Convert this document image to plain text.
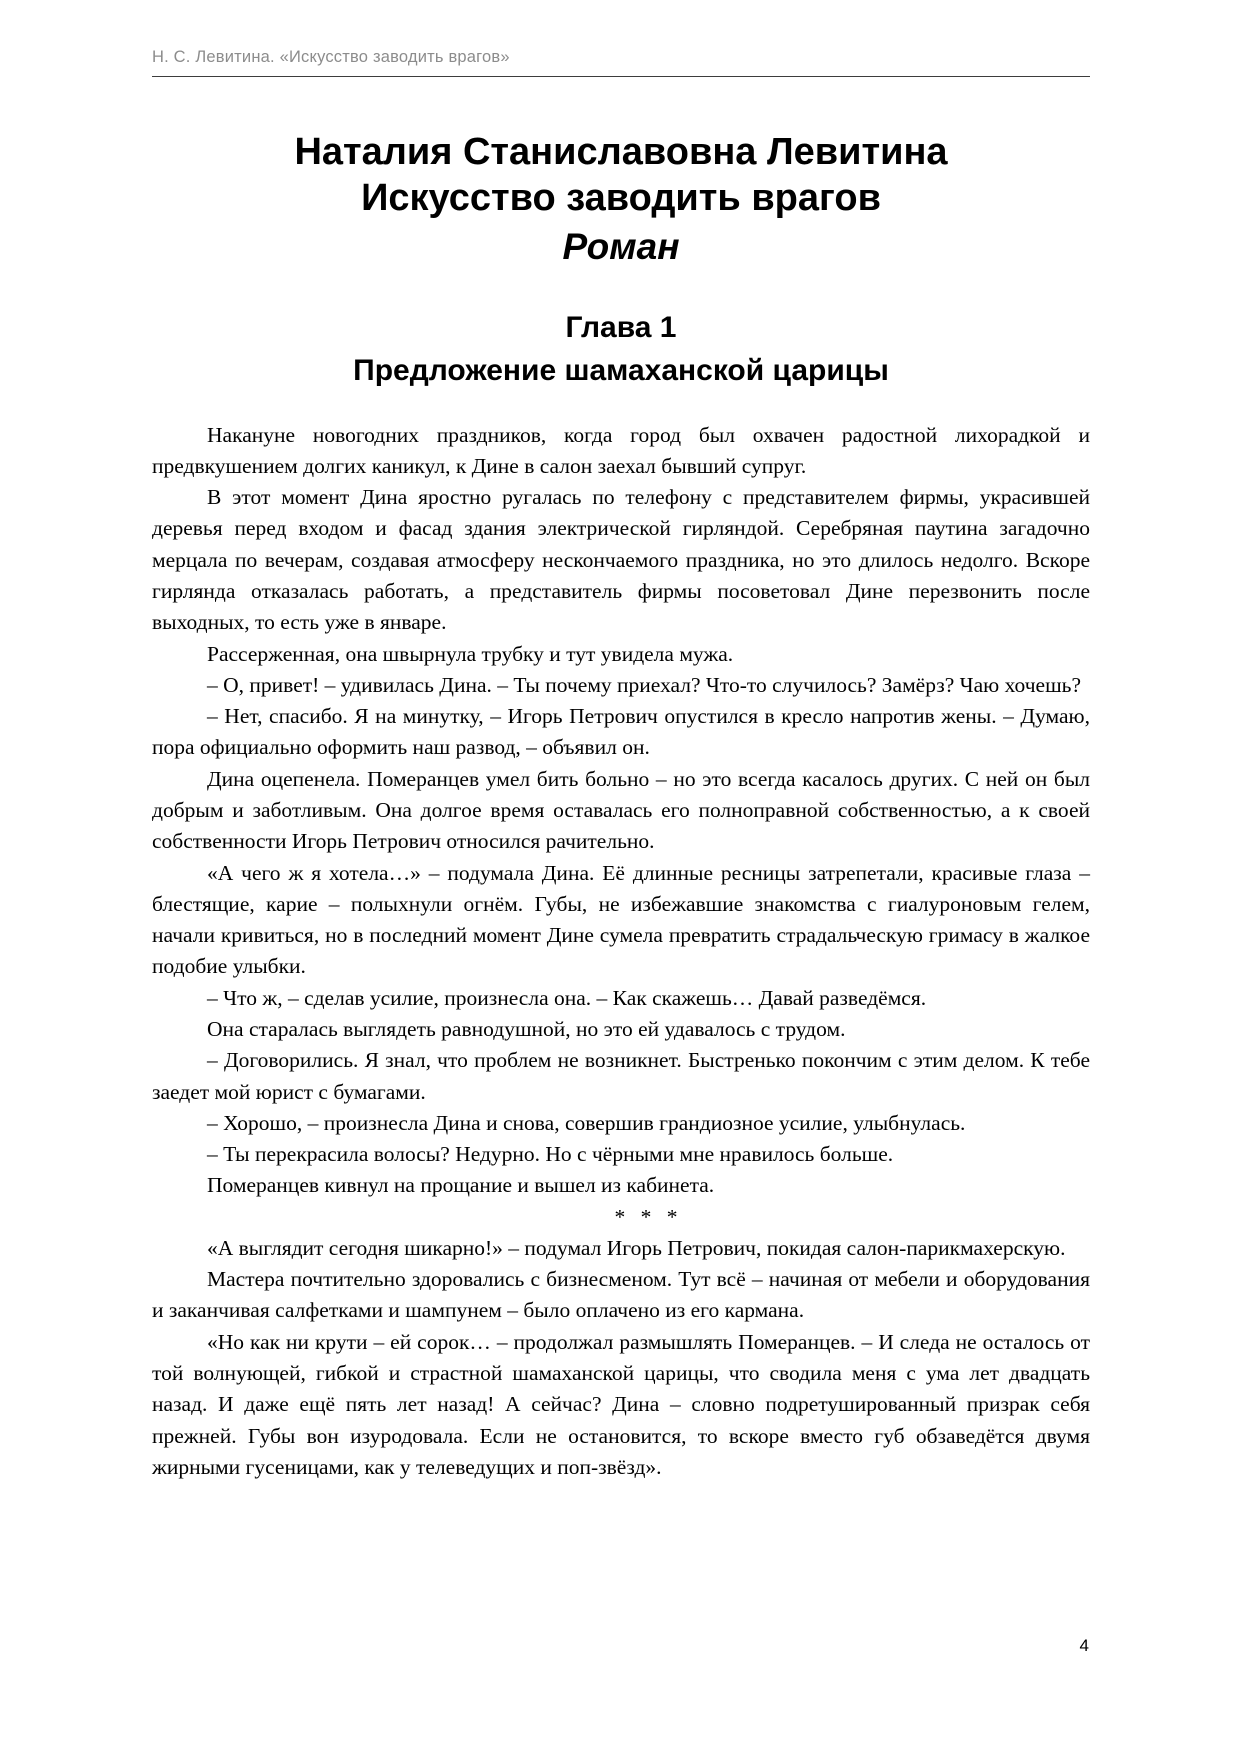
Н. С. Левитина. «Искусство заводить врагов»
Наталия Станиславовна Левитина
Искусство заводить врагов
Роман
Глава 1
Предложение шамаханской царицы

Накануне новогодних праздников, когда город был охвачен радостной лихорадкой и предвкушением долгих каникул, к Дине в салон заехал бывший супруг.

В этот момент Дина яростно ругалась по телефону с представителем фирмы, украсившей деревья перед входом и фасад здания электрической гирляндой. Серебряная паутина загадочно мерцала по вечерам, создавая атмосферу нескончаемого праздника, но это длилось недолго. Вскоре гирлянда отказалась работать, а представитель фирмы посоветовал Дине перезвонить после выходных, то есть уже в январе.

Рассерженная, она швырнула трубку и тут увидела мужа.

– О, привет! – удивилась Дина. – Ты почему приехал? Что-то случилось? Замёрз? Чаю хочешь?

– Нет, спасибо. Я на минутку, – Игорь Петрович опустился в кресло напротив жены. – Думаю, пора официально оформить наш развод, – объявил он.

Дина оцепенела. Померанцев умел бить больно – но это всегда касалось других. С ней он был добрым и заботливым. Она долгое время оставалась его полноправной собственностью, а к своей собственности Игорь Петрович относился рачительно.

«А чего ж я хотела…» – подумала Дина. Её длинные ресницы затрепетали, красивые глаза – блестящие, карие – полыхнули огнём. Губы, не избежавшие знакомства с гиалуроновым гелем, начали кривиться, но в последний момент Дине сумела превратить страдальческую гримасу в жалкое подобие улыбки.

– Что ж, – сделав усилие, произнесла она. – Как скажешь… Давай разведёмся.

Она старалась выглядеть равнодушной, но это ей удавалось с трудом.

– Договорились. Я знал, что проблем не возникнет. Быстренько покончим с этим делом. К тебе заедет мой юрист с бумагами.

– Хорошо, – произнесла Дина и снова, совершив грандиозное усилие, улыбнулась.

– Ты перекрасила волосы? Недурно. Но с чёрными мне нравилось больше.

Померанцев кивнул на прощание и вышел из кабинета.

* * *

«А выглядит сегодня шикарно!» – подумал Игорь Петрович, покидая салон-парикмахерскую.

Мастера почтительно здоровались с бизнесменом. Тут всё – начиная от мебели и оборудования и заканчивая салфетками и шампунем – было оплачено из его кармана.

«Но как ни крути – ей сорок… – продолжал размышлять Померанцев. – И следа не осталось от той волнующей, гибкой и страстной шамаханской царицы, что сводила меня с ума лет двадцать назад. И даже ещё пять лет назад! А сейчас? Дина – словно подретушированный призрак себя прежней. Губы вон изуродовала. Если не остановится, то вскоре вместо губ обзаведётся двумя жирными гусеницами, как у телеведущих и поп-звёзд».

4
